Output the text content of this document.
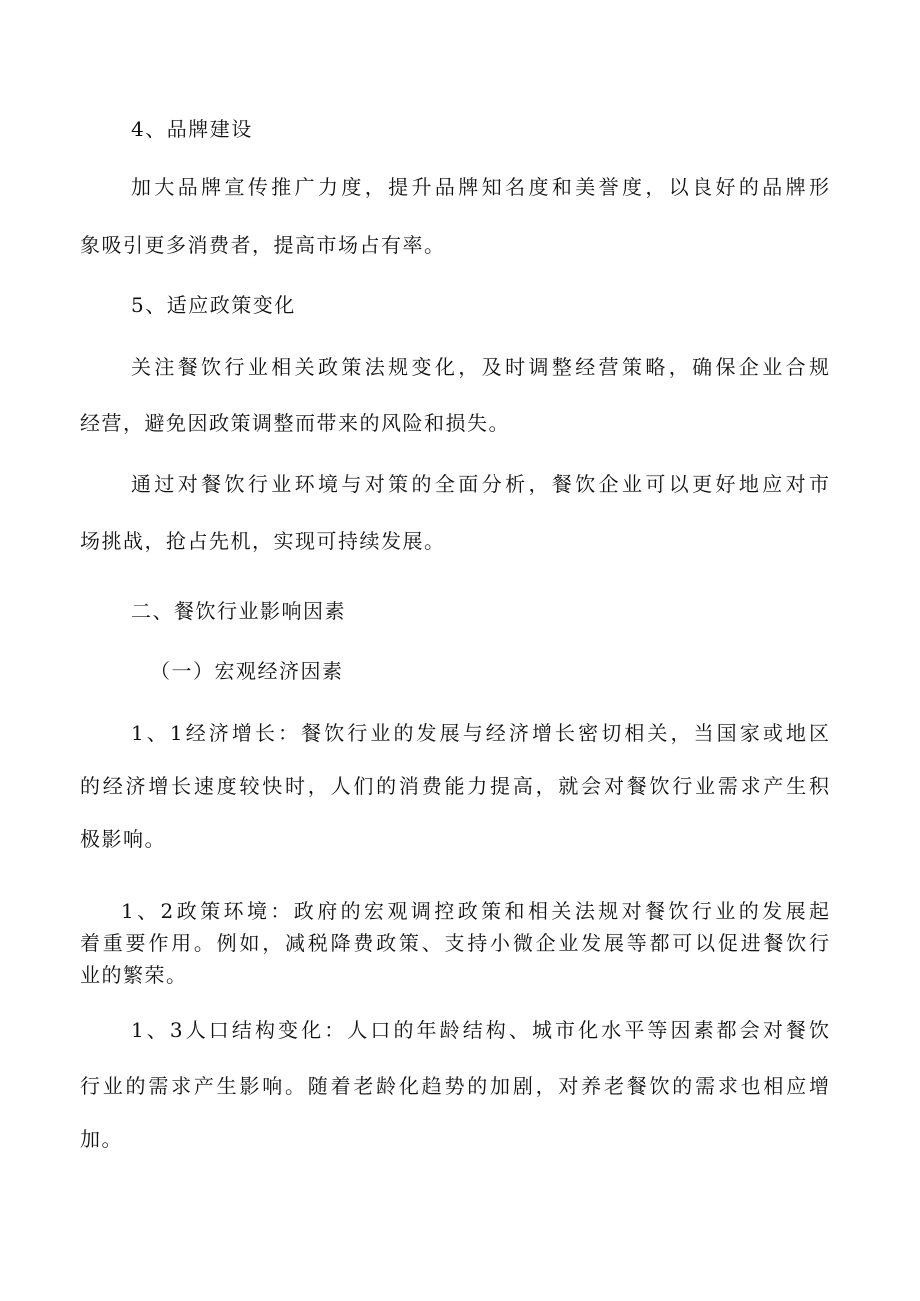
4、品牌建设
加大品牌宣传推广力度，提升品牌知名度和美誉度，以良好的品牌形
象吸引更多消费者，提高市场占有率。
5、适应政策变化
关注餐饮行业相关政策法规变化，及时调整经营策略，确保企业合规
经营，避免因政策调整而带来的风险和损失。
通过对餐饮行业环境与对策的全面分析，餐饮企业可以更好地应对市
场挑战，抢占先机，实现可持续发展。
二、餐饮行业影响因素
（一）宏观经济因素
1、1经济增长：餐饮行业的发展与经济增长密切相关，当国家或地区
的经济增长速度较快时，人们的消费能力提高，就会对餐饮行业需求产生积
极影响。
1、2政策环境：政府的宏观调控政策和相关法规对餐饮行业的发展起
着重要作用。例如，减税降费政策、支持小微企业发展等都可以促进餐饮行
业的繁荣。
1、3人口结构变化：人口的年龄结构、城市化水平等因素都会对餐饮
行业的需求产生影响。随着老龄化趋势的加剧，对养老餐饮的需求也相应增
加。
